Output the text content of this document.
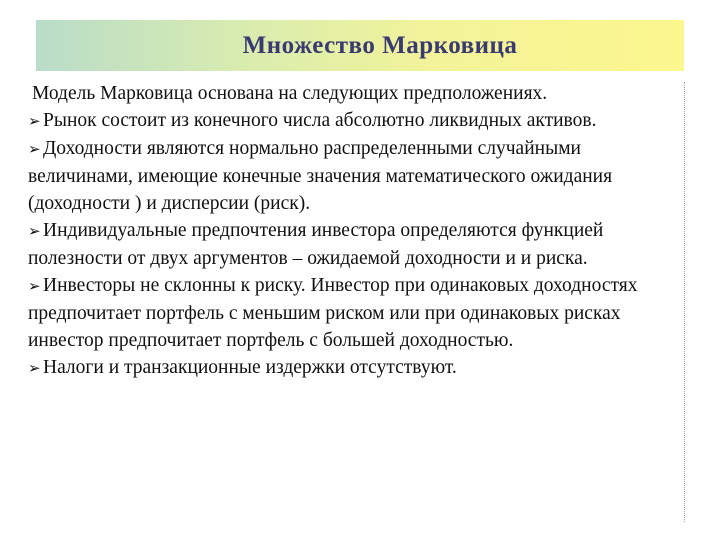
Множество Марковица

Модель Марковица основана на следующих предположениях.

➢ Рынок состоит из конечного числа абсолютно ликвидных активов.

➢ Доходности являются нормально распределенными случайными величинами, имеющие конечные значения математического ожидания (доходности ) и дисперсии (риск).

➢ Индивидуальные предпочтения инвестора определяются функцией полезности от двух аргументов – ожидаемой доходности и и риска.

➢ Инвесторы не склонны к риску. Инвестор при одинаковых доходностях предпочитает портфель с меньшим риском или при одинаковых рисках инвестор предпочитает портфель с большей доходностью.

➢ Налоги и транзакционные издержки отсутствуют.
